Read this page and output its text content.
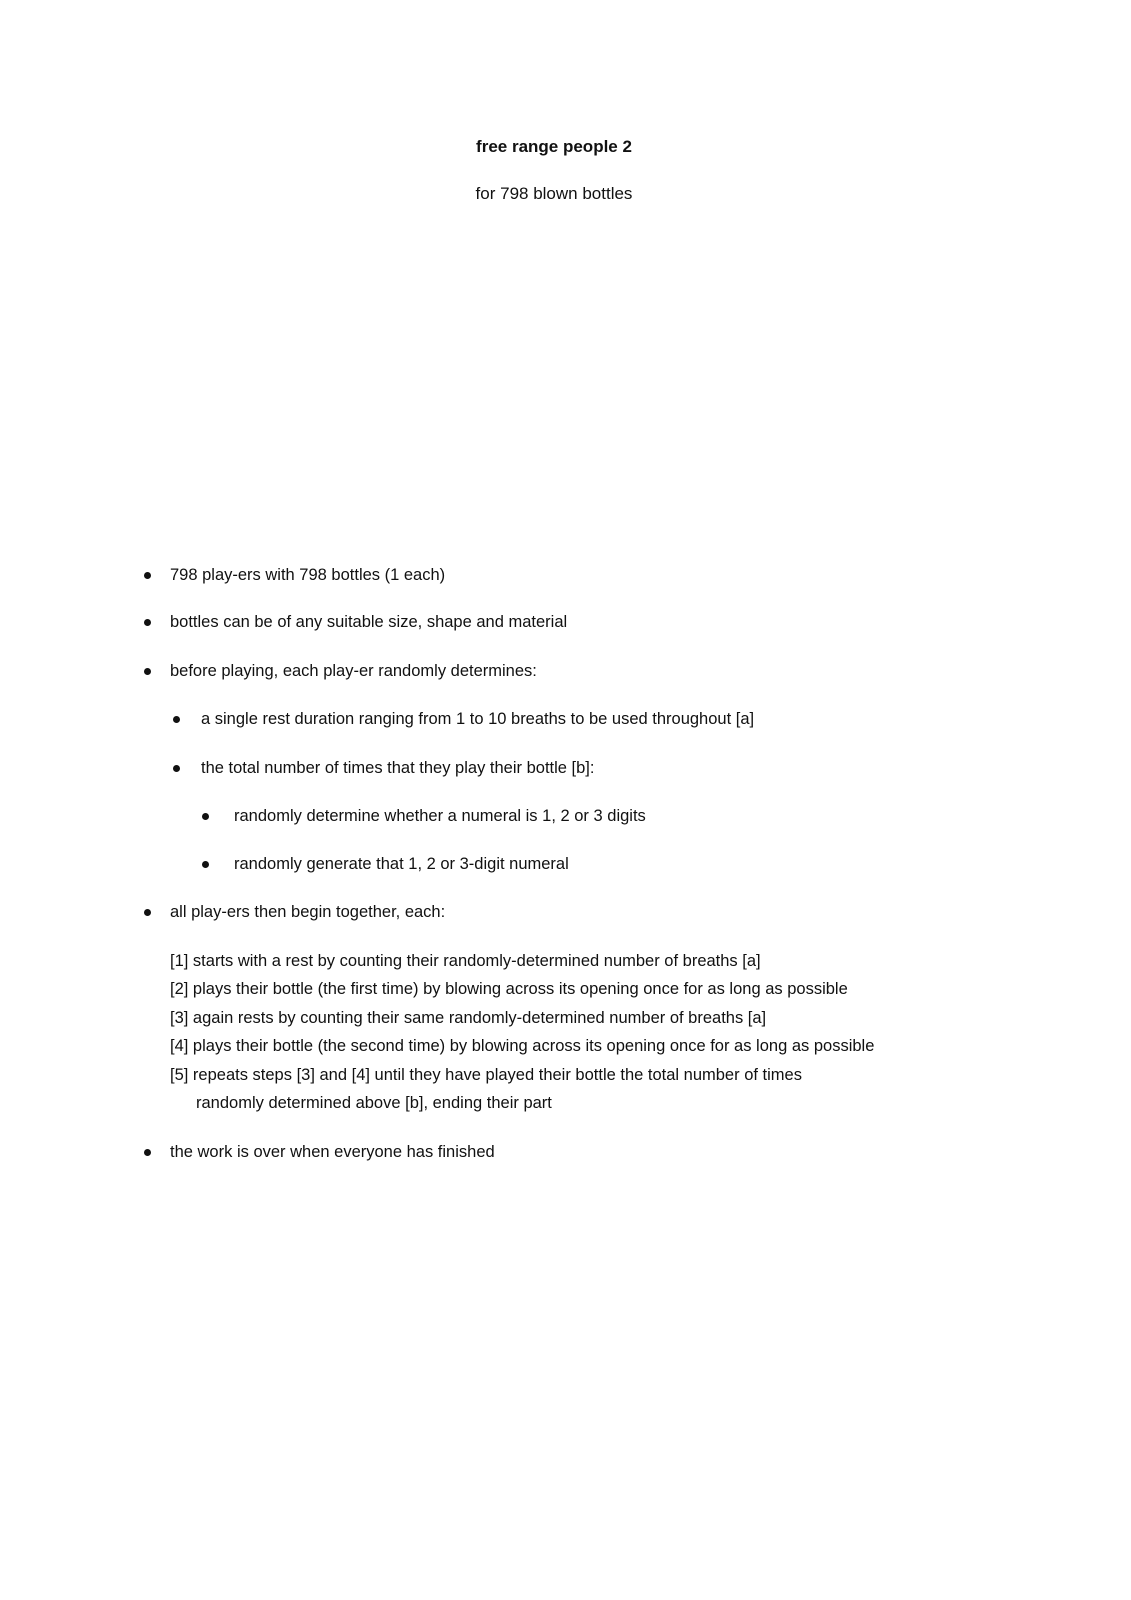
free range people 2
for 798 blown bottles
798 play-ers with 798 bottles (1 each)
bottles can be of any suitable size, shape and material
before playing, each play-er randomly determines:
a single rest duration ranging from 1 to 10 breaths to be used throughout [a]
the total number of times that they play their bottle [b]:
randomly determine whether a numeral is 1, 2 or 3 digits
randomly generate that 1, 2 or 3-digit numeral
all play-ers then begin together, each:
[1] starts with a rest by counting their randomly-determined number of breaths [a]
[2] plays their bottle (the first time) by blowing across its opening once for as long as possible
[3] again rests by counting their same randomly-determined number of breaths [a]
[4] plays their bottle (the second time) by blowing across its opening once for as long as possible
[5] repeats steps [3] and [4] until they have played their bottle the total number of times
randomly determined above [b], ending their part
the work is over when everyone has finished
